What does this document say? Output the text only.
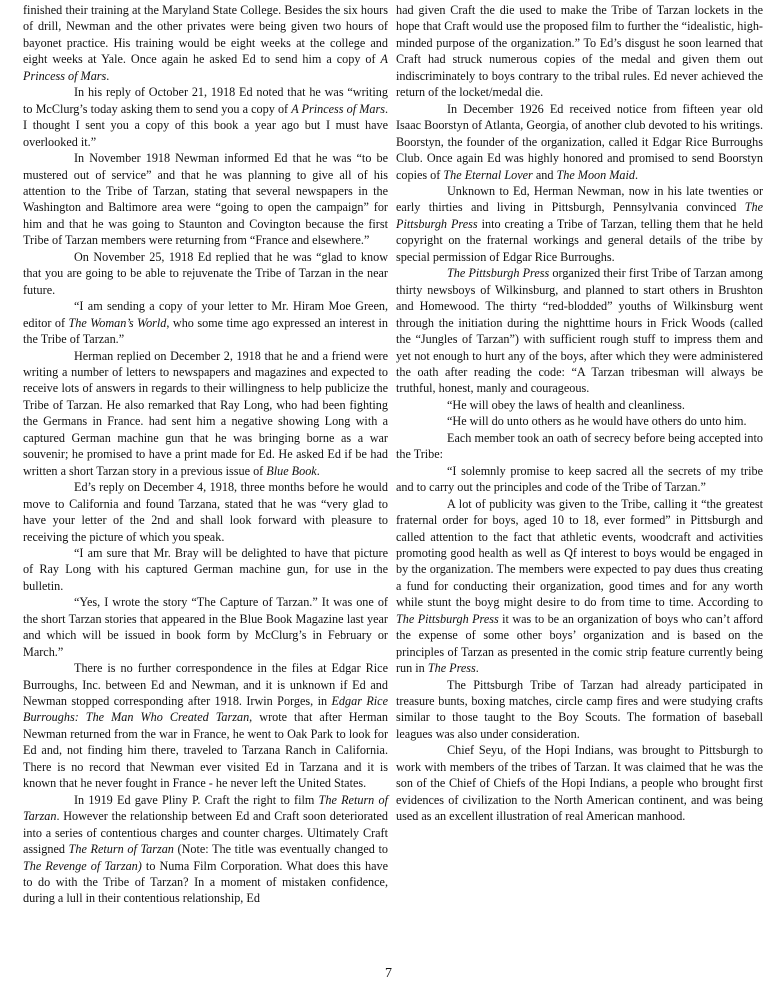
finished their training at the Maryland State College. Besides the six hours of drill, Newman and the other privates were being given two hours of bayonet practice. His training would be eight weeks at the college and eight weeks at Yale. Once again he asked Ed to send him a copy of A Princess of Mars.

In his reply of October 21, 1918 Ed noted that he was “writing to McClurg’s today asking them to send you a copy of A Princess of Mars. I thought I sent you a copy of this book a year ago but I must have overlooked it.”

In November 1918 Newman informed Ed that he was “to be mustered out of service” and that he was planning to give all of his attention to the Tribe of Tarzan, stating that several newspapers in the Washington and Baltimore area were “going to open the campaign” for him and that he was going to Staunton and Covington because the first Tribe of Tarzan members were returning from “France and elsewhere.”

On November 25, 1918 Ed replied that he was “glad to know that you are going to be able to rejuvenate the Tribe of Tarzan in the near future.

“I am sending a copy of your letter to Mr. Hiram Moe Green, editor of The Woman’s World, who some time ago expressed an interest in the Tribe of Tarzan.”

Herman replied on December 2, 1918 that he and a friend were writing a number of letters to newspapers and magazines and expected to receive lots of answers in regards to their willingness to help publicize the Tribe of Tarzan. He also remarked that Ray Long, who had been fighting the Germans in France. had sent him a negative showing Long with a captured German machine gun that he was bringing borne as a war souvenir; he promised to have a print made for Ed. He asked Ed if be had written a short Tarzan story in a previous issue of Blue Book.

Ed’s reply on December 4, 1918, three months before he would move to California and found Tarzana, stated that he was “very glad to have your letter of the 2nd and shall look forward with pleasure to receiving the picture of which you speak.

“I am sure that Mr. Bray will be delighted to have that picture of Ray Long with his captured German machine gun, for use in the bulletin.

“Yes, I wrote the story “The Capture of Tarzan.” It was one of the short Tarzan stories that appeared in the Blue Book Magazine last year and which will be issued in book form by McClurg’s in February or March.”

There is no further correspondence in the files at Edgar Rice Burroughs, Inc. between Ed and Newman, and it is unknown if Ed and Newman stopped corresponding after 1918. Irwin Porges, in Edgar Rice Burroughs: The Man Who Created Tarzan, wrote that after Herman Newman returned from the war in France, he went to Oak Park to look for Ed and, not finding him there, traveled to Tarzana Ranch in California. There is no record that Newman ever visited Ed in Tarzana and it is known that he never fought in France - he never left the United States.

In 1919 Ed gave Pliny P. Craft the right to film The Return of Tarzan. However the relationship between Ed and Craft soon deteriorated into a series of contentious charges and counter charges. Ultimately Craft assigned The Return of Tarzan (Note: The title was eventually changed to The Revenge of Tarzan) to Numa Film Corporation. What does this have to do with the Tribe of Tarzan? In a moment of mistaken confidence, during a lull in their contentious relationship, Ed

had given Craft the die used to make the Tribe of Tarzan lockets in the hope that Craft would use the proposed film to further the “idealistic, high-minded purpose of the organization.” To Ed’s disgust he soon learned that Craft had struck numerous copies of the medal and given them out indiscriminately to boys contrary to the tribal rules. Ed never achieved the return of the locket/medal die.

In December 1926 Ed received notice from fifteen year old Isaac Boorstyn of Atlanta, Georgia, of another club devoted to his writings. Boorstyn, the founder of the organization, called it Edgar Rice Burroughs Club. Once again Ed was highly honored and promised to send Boorstyn copies of The Eternal Lover and The Moon Maid.

Unknown to Ed, Herman Newman, now in his late twenties or early thirties and living in Pittsburgh, Pennsylvania convinced The Pittsburgh Press into creating a Tribe of Tarzan, telling them that he held copyright on the fraternal workings and general details of the tribe by special permission of Edgar Rice Burroughs.

The Pittsburgh Press organized their first Tribe of Tarzan among thirty newsboys of Wilkinsburg, and planned to start others in Brushton and Homewood. The thirty “red-blodded” youths of Wilkinsburg went through the initiation during the nighttime hours in Frick Woods (called the “Jungles of Tarzan”) with sufficient rough stuff to impress them and yet not enough to hurt any of the boys, after which they were administered the oath after reading the code: “A Tarzan tribesman will always be truthful, honest, manly and courageous.

“He will obey the laws of health and cleanliness.

“He will do unto others as he would have others do unto him.

Each member took an oath of secrecy before being accepted into the Tribe:

“I solemnly promise to keep sacred all the secrets of my tribe and to carry out the principles and code of the Tribe of Tarzan.”

A lot of publicity was given to the Tribe, calling it “the greatest fraternal order for boys, aged 10 to 18, ever formed” in Pittsburgh and called attention to the fact that athletic events, woodcraft and activities promoting good health as well as Qf interest to boys would be engaged in by the organization. The members were expected to pay dues thus creating a fund for conducting their organization, good times and for any worth while stunt the boyg might desire to do from time to time. According to The Pittsburgh Press it was to be an organization of boys who can’t afford the expense of some other boys’ organization and is based on the principles of Tarzan as presented in the comic strip feature currently being run in The Press.

The Pittsburgh Tribe of Tarzan had already participated in treasure bunts, boxing matches, circle camp fires and were studying crafts similar to those taught to the Boy Scouts. The formation of baseball leagues was also under consideration.

Chief Seyu, of the Hopi Indians, was brought to Pittsburgh to work with members of the tribes of Tarzan. It was claimed that he was the son of the Chief of Chiefs of the Hopi Indians, a people who brought first evidences of civilization to the North American continent, and was being used as an excellent illustration of real American manhood.

7
